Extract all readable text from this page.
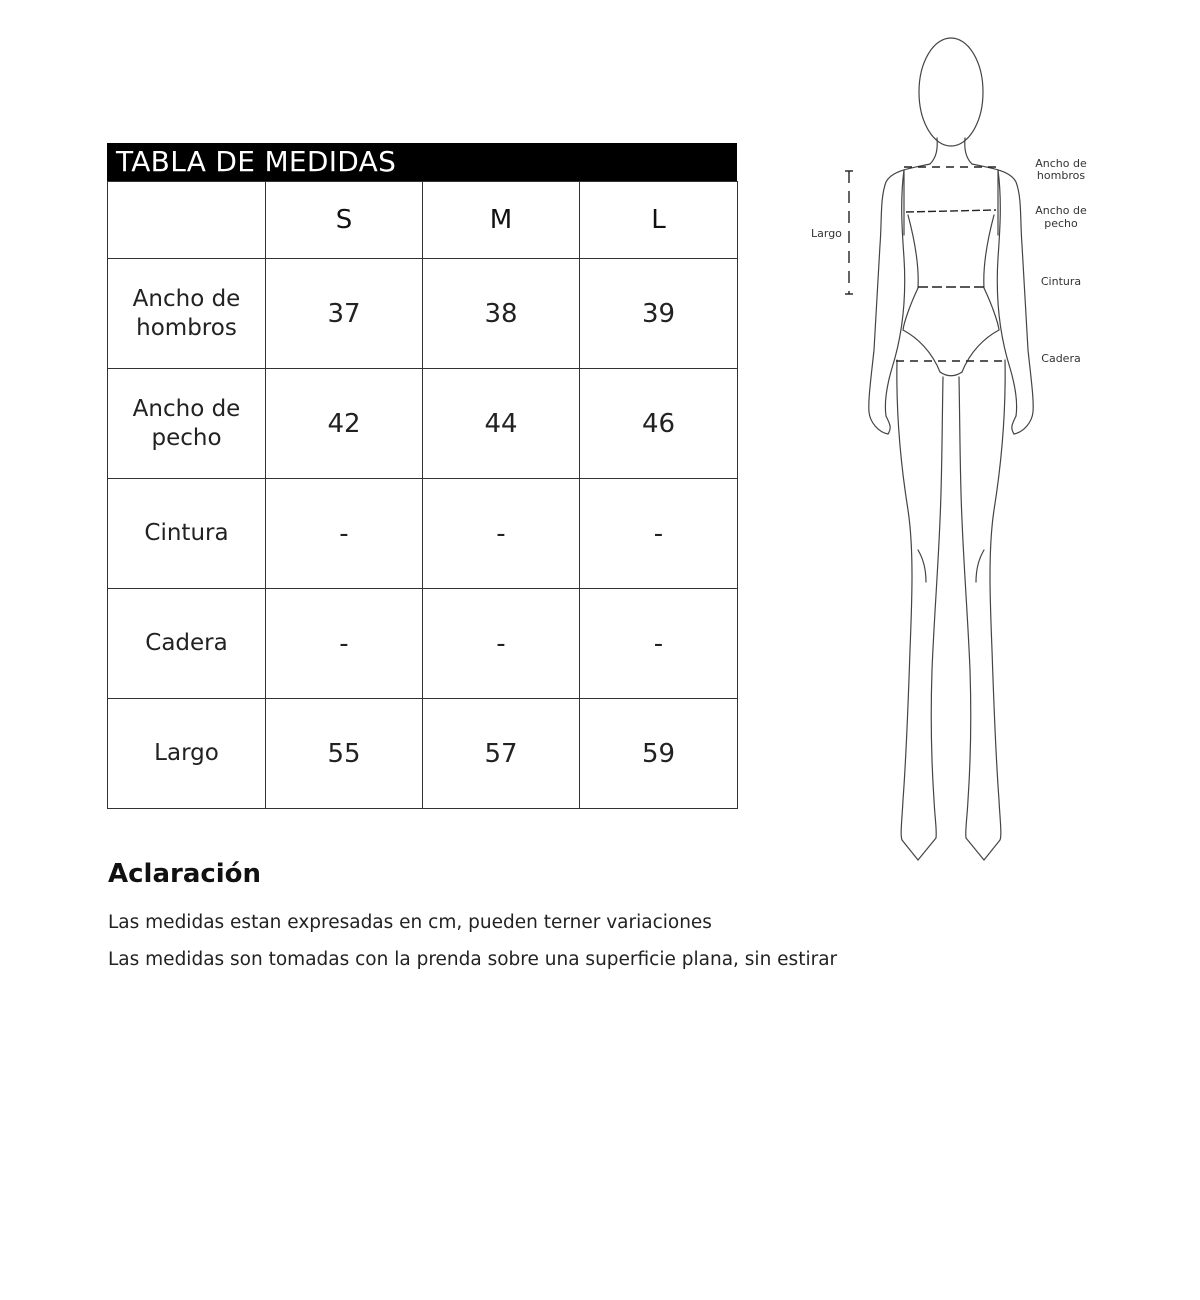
TABLA DE MEDIDAS
	S	M	L
Ancho de hombros	37	38	39
Ancho de pecho	42	44	46
Cintura	-	-	-
Cadera	-	-	-
Largo	55	57	59
Largo
Ancho de
hombros
Ancho de
pecho
Cintura
Cadera
Aclaración
Las medidas estan expresadas en cm, pueden terner variaciones
Las medidas son tomadas con la prenda sobre una superficie plana, sin estirar
